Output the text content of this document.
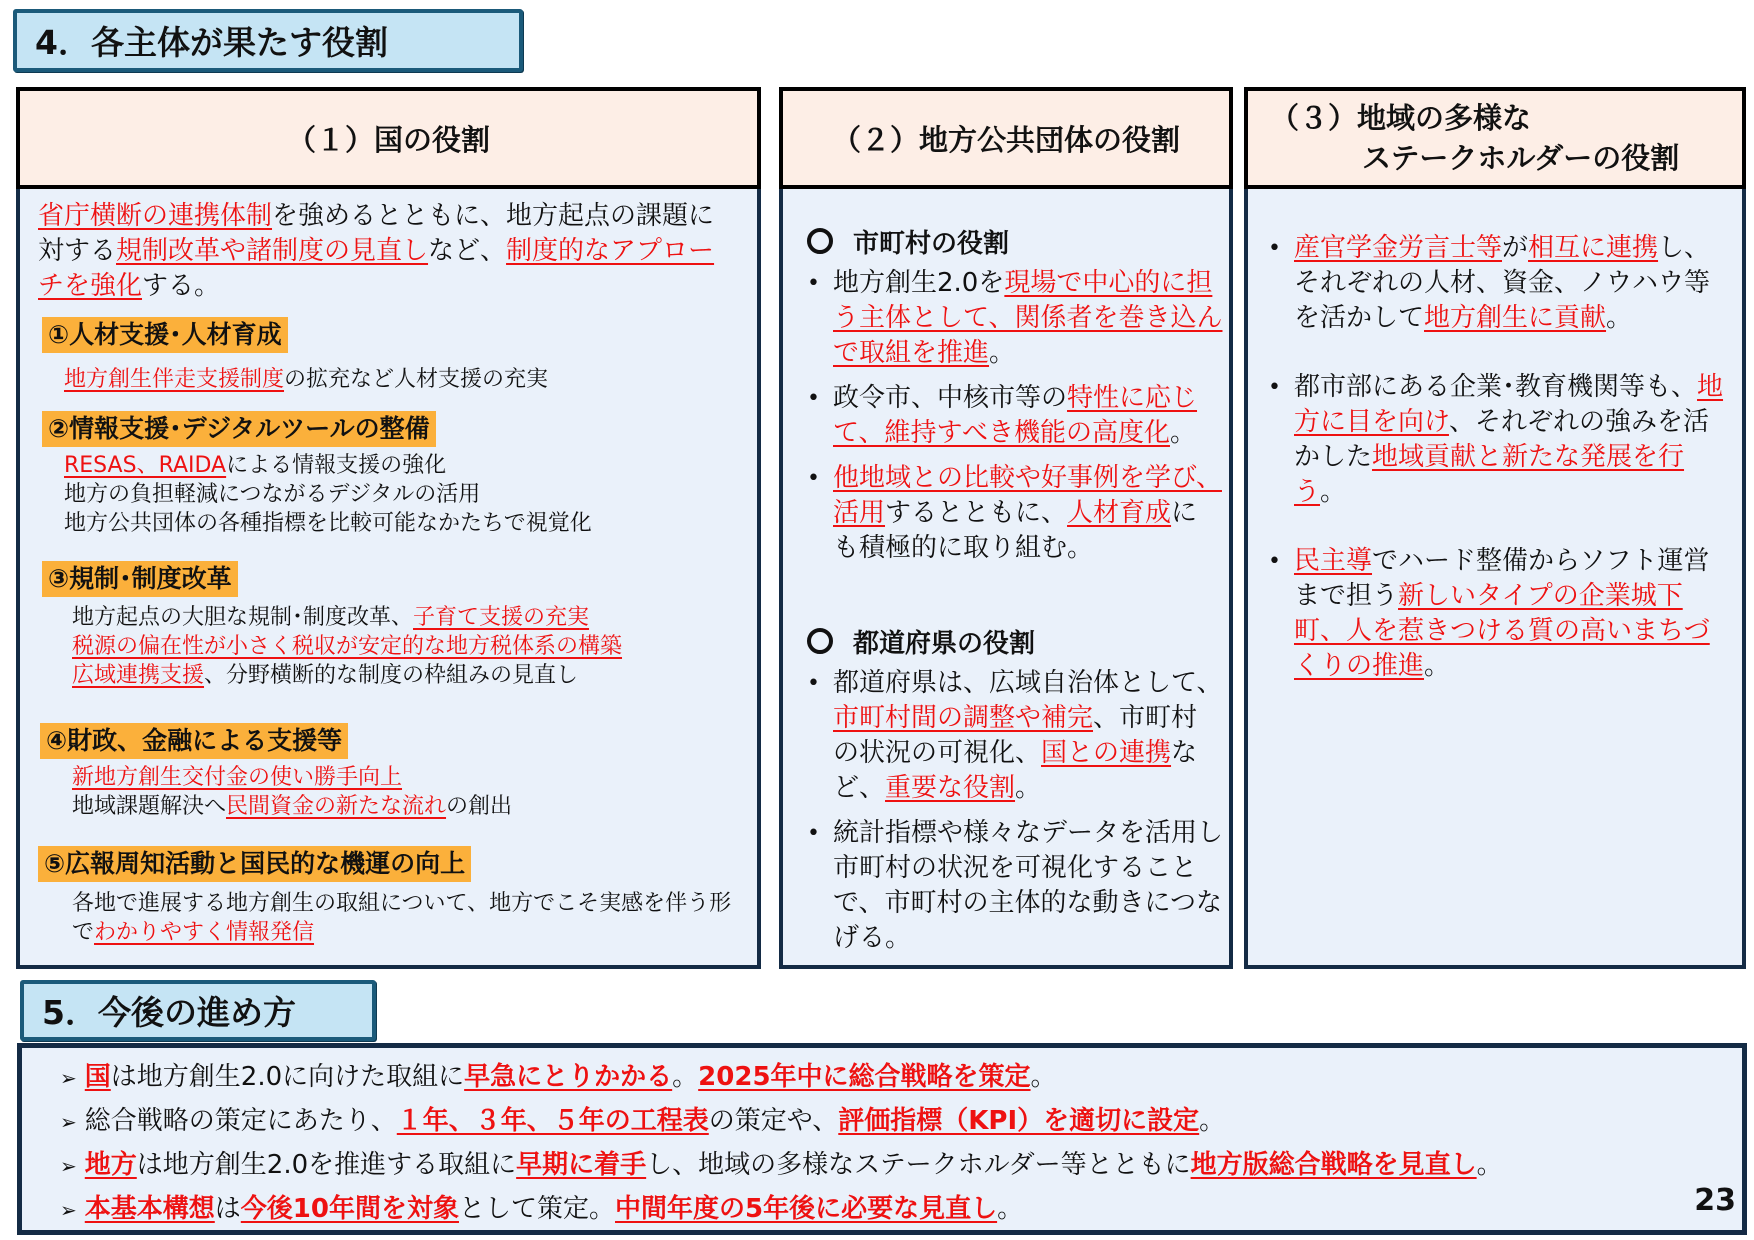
4．各主体が果たす役割
（１）国の役割

省庁横断の連携体制を強めるとともに、地方起点の課題に対する規制改革や諸制度の見直しなど、制度的なアプローチを強化する。

①人材支援･人材育成
地方創生伴走支援制度の拡充など人材支援の充実
②情報支援･デジタルツールの整備
RESAS、RAIDAによる情報支援の強化
地方の負担軽減につながるデジタルの活用
地方公共団体の各種指標を比較可能なかたちで視覚化
③規制･制度改革
地方起点の大胆な規制･制度改革、子育て支援の充実
税源の偏在性が小さく税収が安定的な地方税体系の構築
広域連携支援、分野横断的な制度の枠組みの見直し
④財政、金融による支援等
新地方創生交付金の使い勝手向上
地域課題解決へ民間資金の新たな流れの創出
⑤広報周知活動と国民的な機運の向上
各地で進展する地方創生の取組について、地方でこそ実感を伴う形
でわかりやすく情報発信
（２）地方公共団体の役割

市町村の役割

• 地方創生2.0を現場で中心的に担う主体として、関係者を巻き込んで取組を推進。
• 政令市、中核市等の特性に応じて、維持すべき機能の高度化。
• 他地域との比較や好事例を学び、活用するとともに、人材育成にも積極的に取り組む。

都道府県の役割

• 都道府県は、広域自治体として、市町村間の調整や補完、市町村の状況の可視化、国との連携など、重要な役割。
• 統計指標や様々なデータを活用し市町村の状況を可視化することで、市町村の主体的な動きにつなげる。
（３）地域の多様な
ステークホルダーの役割
• 産官学金労言士等が相互に連携し、それぞれの人材、資金、ノウハウ等を活かして地方創生に貢献。
• 都市部にある企業･教育機関等も、地方に目を向け、それぞれの強みを活かした地域貢献と新たな発展を行う。
• 民主導でハード整備からソフト運営まで担う新しいタイプの企業城下町、人を惹きつける質の高いまちづくりの推進。
5．今後の進め方
➢ 国は地方創生2.0に向けた取組に早急にとりかかる。2025年中に総合戦略を策定。
➢ 総合戦略の策定にあたり、１年、３年、５年の工程表の策定や、評価指標（KPI）を適切に設定。
➢ 地方は地方創生2.0を推進する取組に早期に着手し、地域の多様なステークホルダー等とともに地方版総合戦略を見直し。
➢ 本基本構想は今後10年間を対象として策定。中間年度の5年後に必要な見直し。	23
